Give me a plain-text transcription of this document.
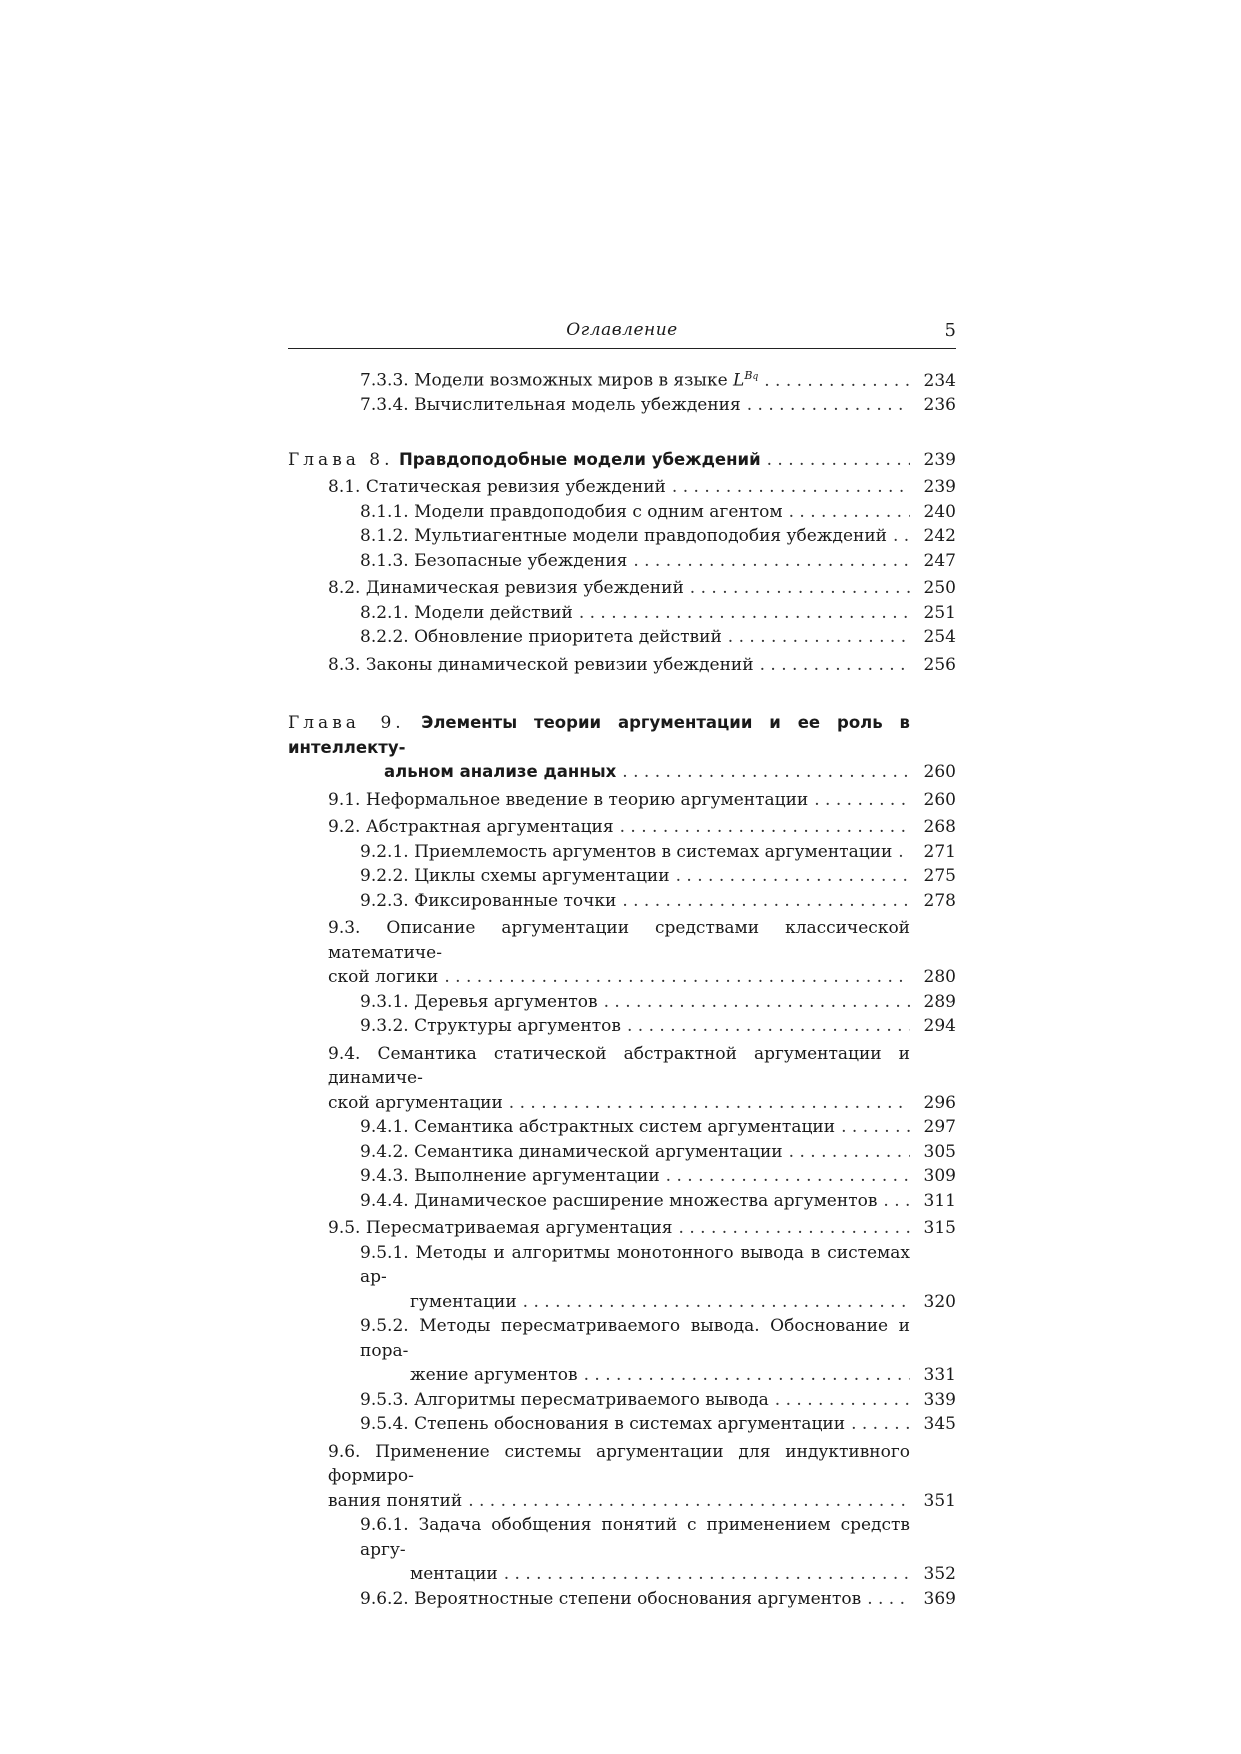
Оглавление	5
7.3.3. Модели возможных миров в языке $L^{Bq}$ . . .	234
7.3.4. Вычислительная модель убеждения . . .	236
Глава 8. Правдоподобные модели убеждений . . .	239
8.1. Статическая ревизия убеждений . . .	239
8.1.1. Модели правдоподобия с одним агентом . . .	240
8.1.2. Мультиагентные модели правдоподобия убеждений . . .	242
8.1.3. Безопасные убеждения . . .	247
8.2. Динамическая ревизия убеждений . . .	250
8.2.1. Модели действий . . .	251
8.2.2. Обновление приоритета действий . . .	254
8.3. Законы динамической ревизии убеждений . . .	256
Глава 9. Элементы теории аргументации и ее роль в интеллекту-
альном анализе данных . . .	260
9.1. Неформальное введение в теорию аргументации . . .	260
9.2. Абстрактная аргументация . . .	268
9.2.1. Приемлемость аргументов в системах аргументации . . .	271
9.2.2. Циклы схемы аргументации . . .	275
9.2.3. Фиксированные точки . . .	278
9.3. Описание аргументации средствами классической математиче-
ской логики . . .	280
9.3.1. Деревья аргументов . . .	289
9.3.2. Структуры аргументов . . .	294
9.4. Семантика статической абстрактной аргументации и динамиче-
ской аргументации . . .	296
9.4.1. Семантика абстрактных систем аргументации . . .	297
9.4.2. Семантика динамической аргументации . . .	305
9.4.3. Выполнение аргументации . . .	309
9.4.4. Динамическое расширение множества аргументов . . .	311
9.5. Пересматриваемая аргументация . . .	315
9.5.1. Методы и алгоритмы монотонного вывода в системах ар-
гументации . . .	320
9.5.2. Методы пересматриваемого вывода. Обоснование и пора-
жение аргументов . . .	331
9.5.3. Алгоритмы пересматриваемого вывода . . .	339
9.5.4. Степень обоснования в системах аргументации . . .	345
9.6. Применение системы аргументации для индуктивного формиро-
вания понятий . . .	351
9.6.1. Задача обобщения понятий с применением средств аргу-
ментации . . .	352
9.6.2. Вероятностные степени обоснования аргументов . . .	369
